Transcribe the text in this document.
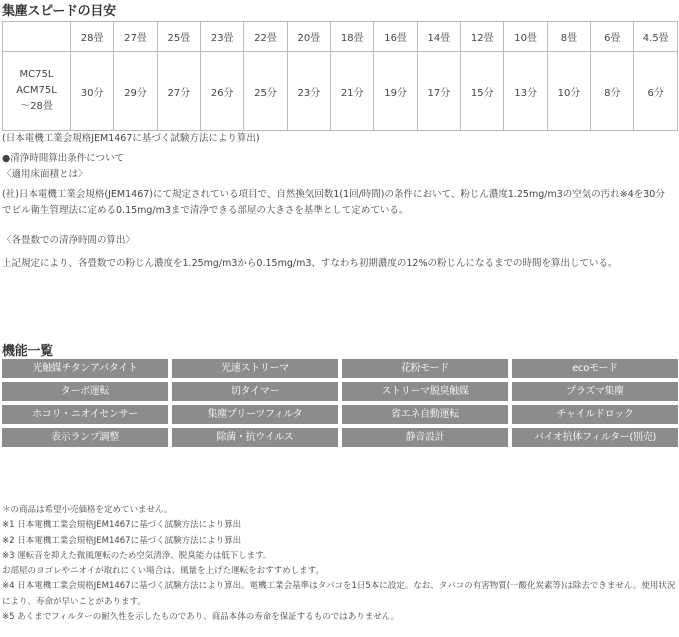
集塵スピードの目安
	28畳	27畳	25畳	23畳	22畳	20畳	18畳	16畳	14畳	12畳	10畳	8畳	6畳	4.5畳

MC75L
ACM75L
〜28畳	30分	29分	27分	26分	25分	23分	21分	19分	17分	15分	13分	10分	8分	6分
(日本電機工業会規格JEM1467に基づく試験方法により算出)
●清浄時間算出条件について
〈適用床面積とは〉
(社)日本電機工業会規格(JEM1467)にて規定されている項目で、自然換気回数1(1回/時間)の条件において、粉じん濃度1.25mg/m3の空気の汚れ※4を30分でビル衛生管理法に定める0.15mg/m3まで清浄できる部屋の大きさを基準として定めている。
〈各畳数での清浄時間の算出〉
上記規定により、各畳数での粉じん濃度を1.25mg/m3から0.15mg/m3、すなわち初期濃度の12%の粉じんになるまでの時間を算出している。
機能一覧
光触媒チタンアパタイト	光速ストリーマ	花粉モード	ecoモード
ターボ運転	切タイマー	ストリーマ脱臭触媒	プラズマ集塵
ホコリ・ニオイセンサー	集塵プリーツフィルタ	省エネ自動運転	チャイルドロック
表示ランプ調整	除菌・抗ウイルス	静音設計	バイオ抗体フィルター(別売)
＊の商品は希望小売価格を定めていません。
※1 日本電機工業会規格JEM1467に基づく試験方法により算出
※2 日本電機工業会規格JEM1467に基づく試験方法により算出
※3 運転音を抑えた微風運転のため空気清浄、脱臭能力は低下します。
お部屋のヨゴレやニオイが取れにくい場合は、風量を上げた運転をおすすめします。
※4 日本電機工業会規格JEM1467に基づく試験方法により算出。電機工業会基準はタバコを1日5本に設定。なお、タバコの有害物質(一酸化炭素等)は除去できません。使用状況により、寿命が早いことがあります。
※5 あくまでフィルターの耐久性を示したものであり、商品本体の寿命を保証するものではありません。
